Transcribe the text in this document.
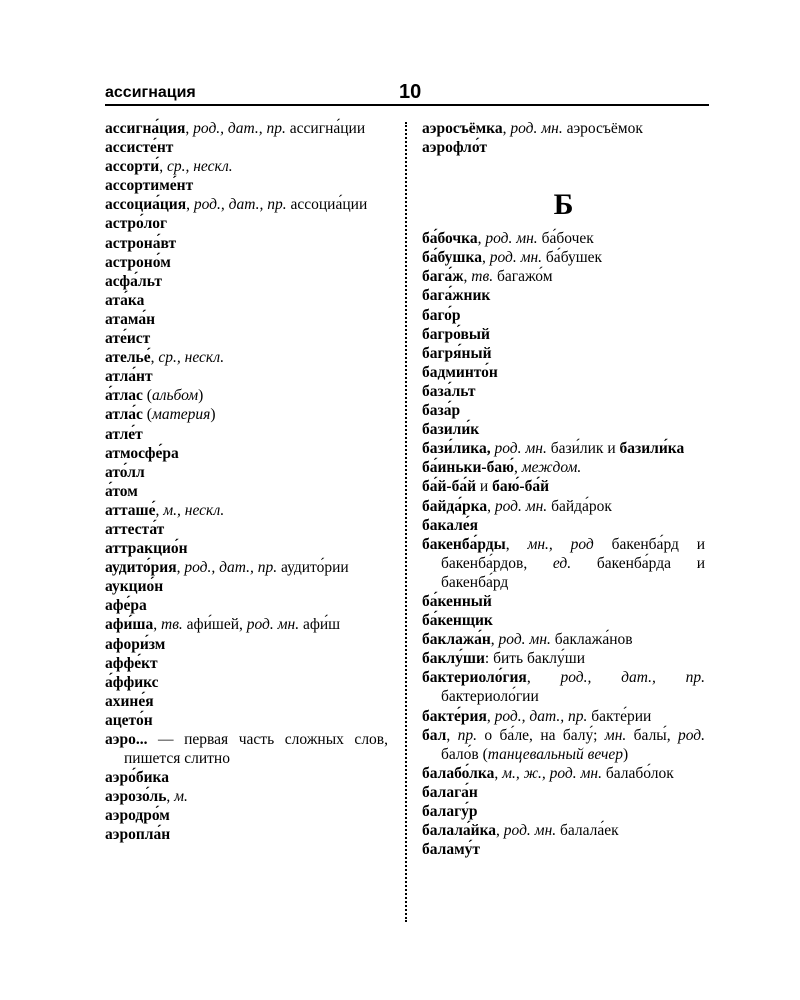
ассигнация	10

ассигна́ция, род., дат., пр. ассигна́ции

ассисте́нт

ассорти́, ср., нескл.

ассортиме́нт

ассоциа́ция, род., дат., пр. ассоциа́ции

астро́лог

астрона́вт

астроно́м

асфа́льт

ата́ка

атама́н

ате́ист

атeлье́, ср., нескл.

атла́нт

а́тлас (альбом)

атла́с (материя)

атле́т

атмосфе́ра

ато́лл

а́том

атташе́, м., нескл.

аттеста́т

аттракцио́н

аудито́рия, род., дат., пр. аудито́рии

аукцио́н

афе́ра

афи́ша, тв. афи́шей, род. мн. афи́ш

афори́зм

аффе́кт

а́ффикс

ахине́я

ацето́н

аэро... — первая часть сложных слов, пишется слитно

аэро́бика

аэрозо́ль, м.

аэродро́м

аэропла́н

аэросъёмка, род. мн. аэросъёмок

аэрофло́т

Б

ба́бочка, род. мн. ба́бочек

ба́бушка, род. мн. ба́бушек

бага́ж, тв. багажо́м

бага́жник

баго́р

багро́вый

багря́ный

бадминто́н

база́льт

база́р

базили́к

бази́лика, род. мн. бази́лик и базили́ка

ба́иньки-баю́, междом.

ба́й-ба́й и баю́-ба́й

байда́рка, род. мн. байда́рок

бакале́я

бакенба́рды, мн., род бакенба́рд и бакенба́рдов, ед. бакенба́рда и бакенба́рд

ба́кенный

ба́кенщик

баклажа́н, род. мн. баклажа́нов

баклу́ши: бить баклу́ши

бактериоло́гия, род., дат., пр. бактериоло́гии

бакте́рия, род., дат., пр. бакте́рии

бал, пр. о ба́ле, на балу́; мн. балы́, род. бало́в (танцевальный вечер)

балабо́лка, м., ж., род. мн. балабо́лок

балага́н

балагу́р

балала́йка, род. мн. балала́ек

баламу́т
